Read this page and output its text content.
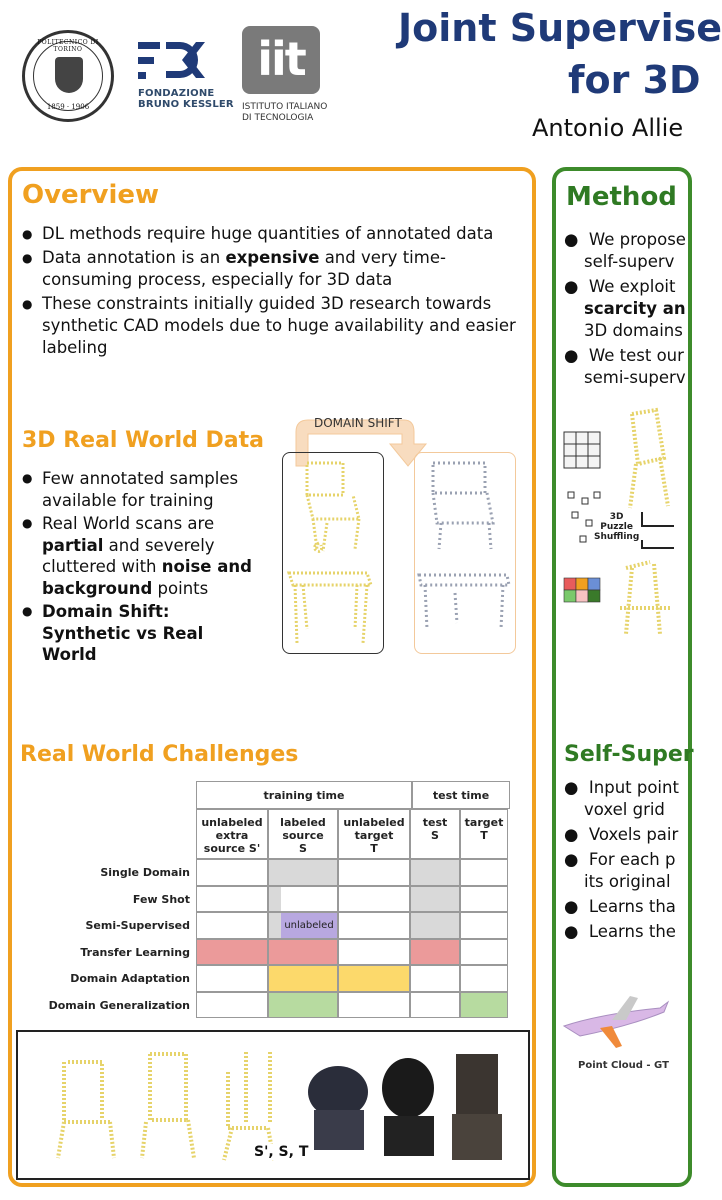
POLITECNICO DI TORINO
1859 · 1906
FONDAZIONE
BRUNO KESSLER
iit
ISTITUTO ITALIANO
DI TECNOLOGIA
Joint Supervise
for 3D
Antonio Allie
Overview
● DL methods require huge quantities of annotated data
● Data annotation is an expensive and very time-consuming process, especially for 3D data
● These constraints initially guided 3D research towards synthetic CAD models due to huge availability and easier labeling
3D Real World Data
● Few annotated samples available for training
● Real World scans are partial and severely cluttered with noise and background points
● Domain Shift: Synthetic vs Real World
DOMAIN SHIFT
Real World Challenges
training time	test time
unlabeled
extra
source S'
labeled
source
S
unlabeled
target
T
test
S
target
T
Single Domain
Few Shot
Semi-Supervised	unlabeled
Transfer Learning
Domain Adaptation
Domain Generalization
S', S, T
Method
●  We propose
self-superv
●  We exploit
scarcity an
3D domains
●  We test our
semi-superv
3D
Puzzle
Shuffling
Self-Super
●  Input point
voxel grid
●  Voxels pair
●  For each p
its original
●  Learns tha
●  Learns the
Point Cloud - GT
